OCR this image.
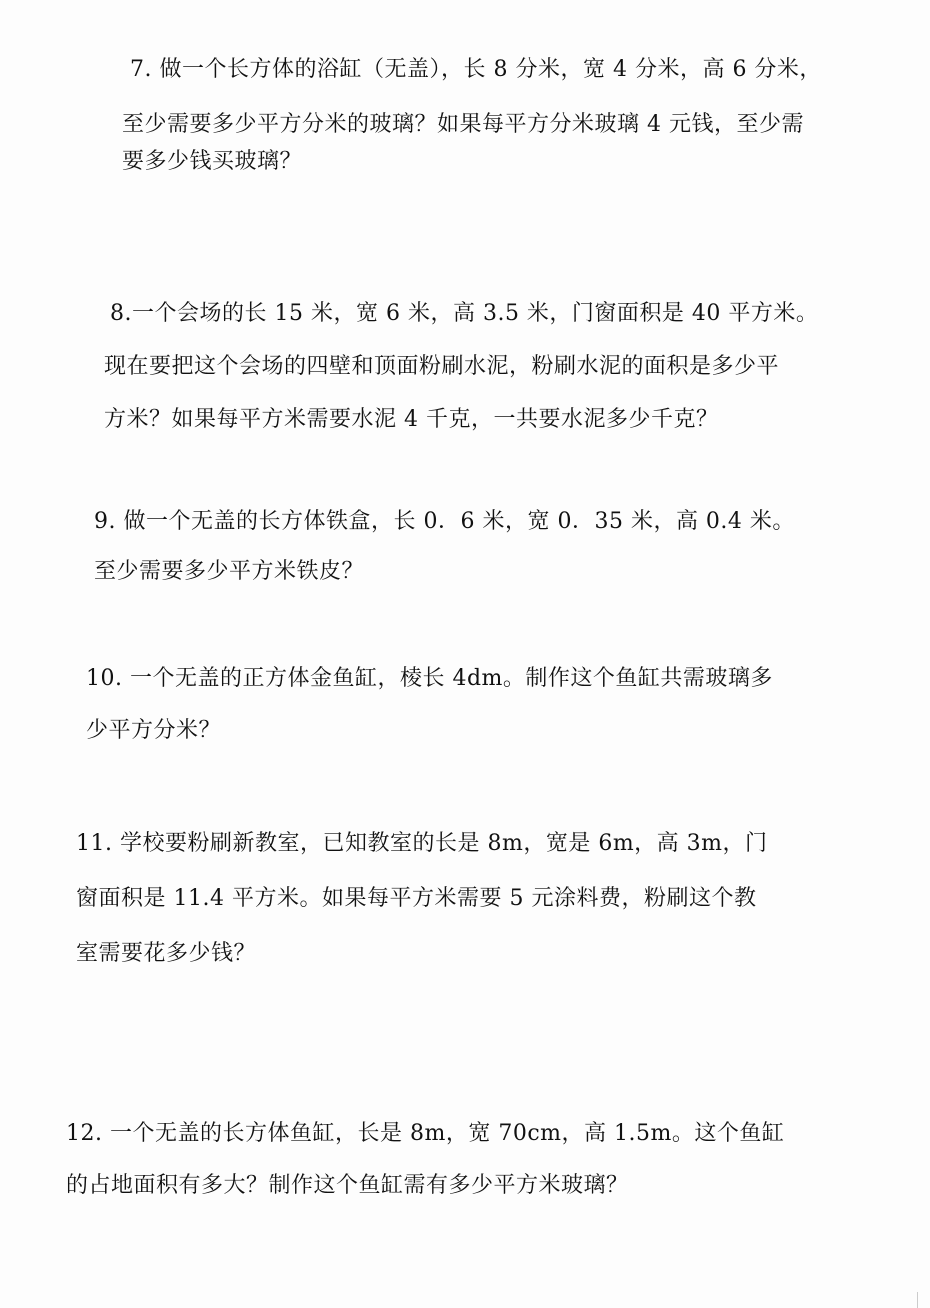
7. 做一个长方体的浴缸（无盖），长 8 分米，宽 4 分米，高 6 分米，
至少需要多少平方分米的玻璃？如果每平方分米玻璃 4 元钱，至少需
要多少钱买玻璃？
8.一个会场的长 15 米，宽 6 米，高 3.5 米，门窗面积是 40 平方米。
现在要把这个会场的四壁和顶面粉刷水泥，粉刷水泥的面积是多少平
方米？如果每平方米需要水泥 4 千克，一共要水泥多少千克？
9. 做一个无盖的长方体铁盒，长 0．6 米，宽 0．35 米，高 0.4 米。
至少需要多少平方米铁皮？
10. 一个无盖的正方体金鱼缸，棱长 4dm。制作这个鱼缸共需玻璃多
少平方分米？
11. 学校要粉刷新教室，已知教室的长是 8m，宽是 6m，高 3m，门
窗面积是 11.4 平方米。如果每平方米需要 5 元涂料费，粉刷这个教
室需要花多少钱？
12. 一个无盖的长方体鱼缸，长是 8m，宽 70cm，高 1.5m。这个鱼缸
的占地面积有多大？制作这个鱼缸需有多少平方米玻璃？
